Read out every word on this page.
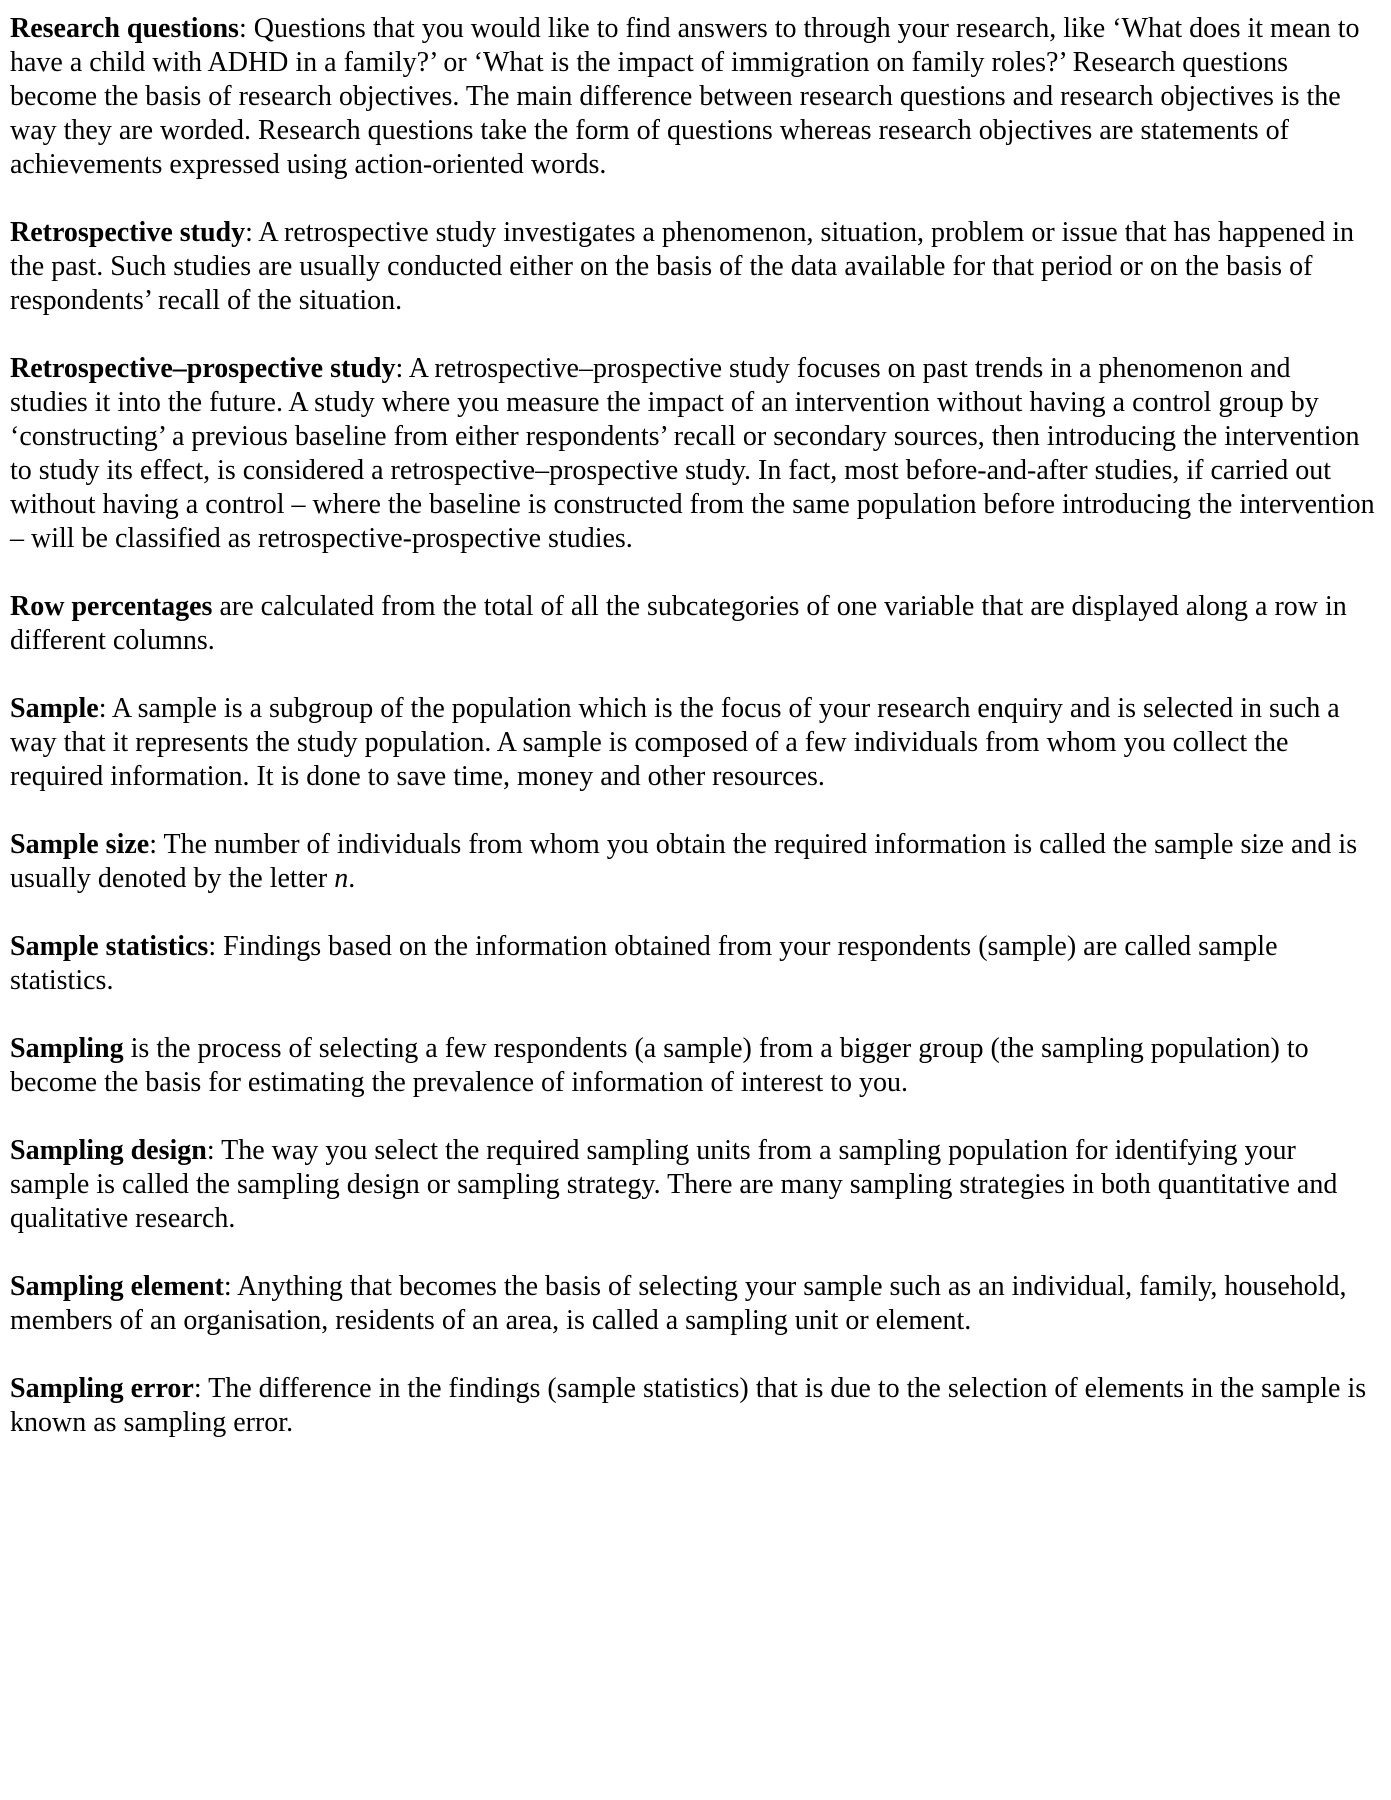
Research questions: Questions that you would like to find answers to through your research, like ‘What does it mean to have a child with ADHD in a family?’ or ‘What is the impact of immigration on family roles?’ Research questions become the basis of research objectives. The main difference between research questions and research objectives is the way they are worded. Research questions take the form of questions whereas research objectives are statements of achievements expressed using action-oriented words.

Retrospective study: A retrospective study investigates a phenomenon, situation, problem or issue that has happened in the past. Such studies are usually conducted either on the basis of the data available for that period or on the basis of respondents’ recall of the situation.

Retrospective–prospective study: A retrospective–prospective study focuses on past trends in a phenomenon and studies it into the future. A study where you measure the impact of an intervention without having a control group by ‘constructing’ a previous baseline from either respondents’ recall or secondary sources, then introducing the intervention to study its effect, is considered a retrospective–prospective study. In fact, most before-and-after studies, if carried out without having a control – where the baseline is constructed from the same population before introducing the intervention – will be classified as retrospective-prospective studies.

Row percentages are calculated from the total of all the subcategories of one variable that are displayed along a row in different columns.

Sample: A sample is a subgroup of the population which is the focus of your research enquiry and is selected in such a way that it represents the study population. A sample is composed of a few individuals from whom you collect the required information. It is done to save time, money and other resources.

Sample size: The number of individuals from whom you obtain the required information is called the sample size and is usually denoted by the letter n.

Sample statistics: Findings based on the information obtained from your respondents (sample) are called sample statistics.

Sampling is the process of selecting a few respondents (a sample) from a bigger group (the sampling population) to become the basis for estimating the prevalence of information of interest to you.

Sampling design: The way you select the required sampling units from a sampling population for identifying your sample is called the sampling design or sampling strategy. There are many sampling strategies in both quantitative and qualitative research.

Sampling element: Anything that becomes the basis of selecting your sample such as an individual, family, household, members of an organisation, residents of an area, is called a sampling unit or element.

Sampling error: The difference in the findings (sample statistics) that is due to the selection of elements in the sample is known as sampling error.
